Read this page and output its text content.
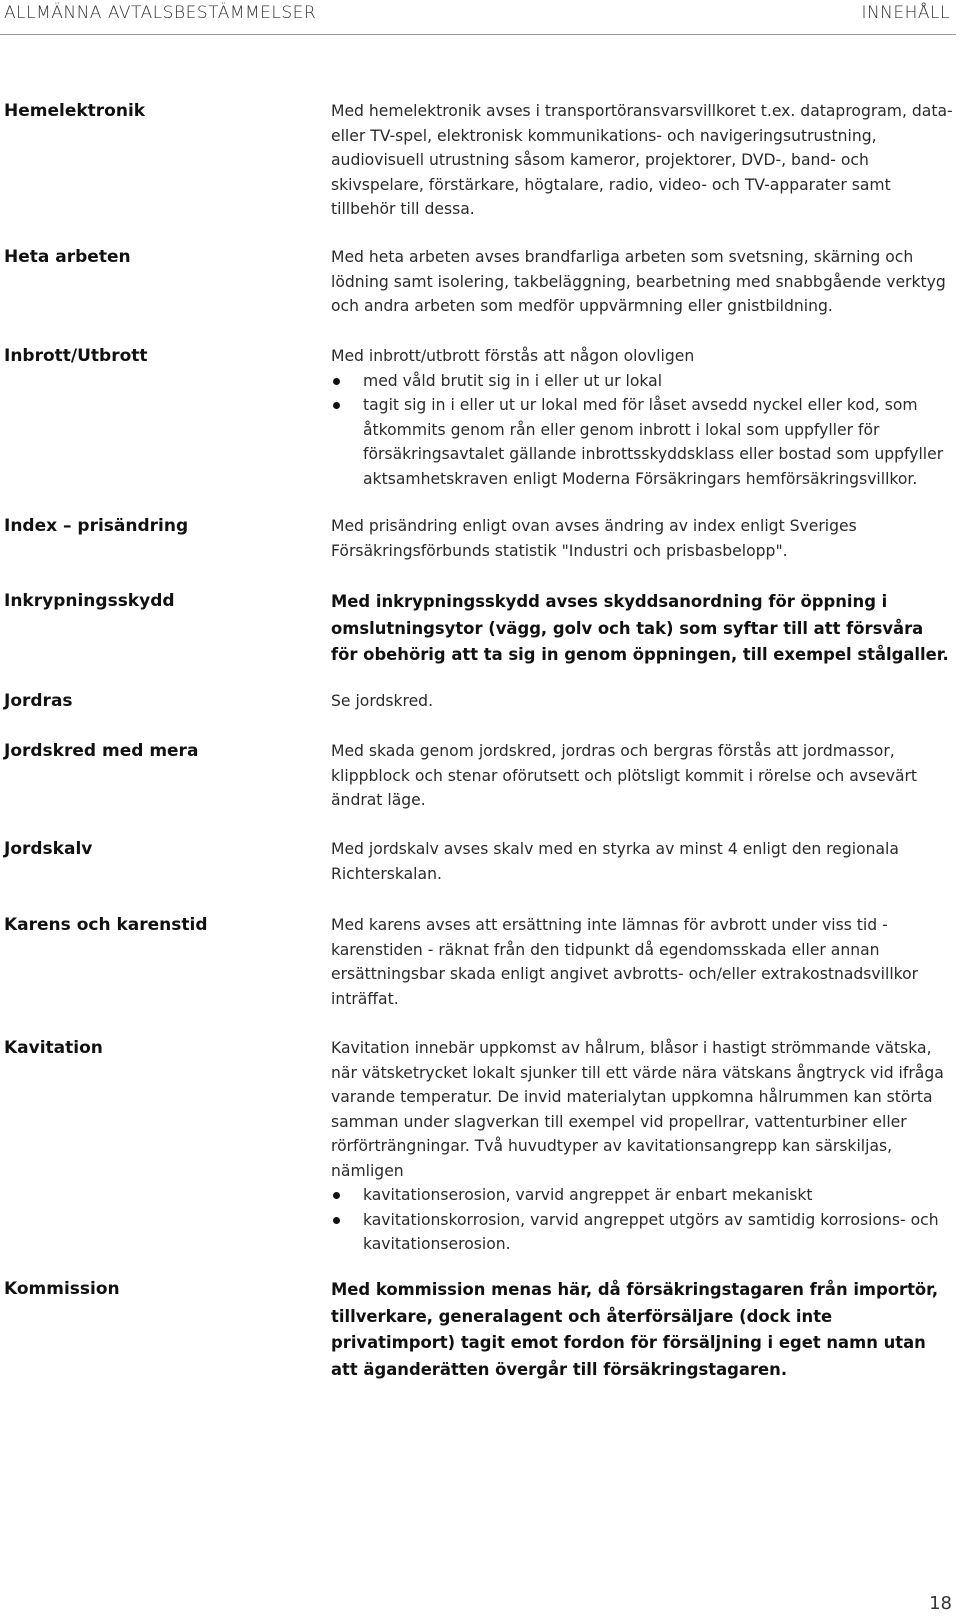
ALLMÄNNA AVTALSBESTÄMMELSER	INNEHÅLL
Hemelektronik	Med hemelektronik avses i transportöransvarsvillkoret t.ex. dataprogram, data- eller TV-spel, elektronisk kommunikations- och navigeringsutrustning, audiovisuell utrustning såsom kameror, projektorer, DVD-, band- och skivspelare, förstärkare, högtalare, radio, video- och TV-apparater samt tillbehör till dessa.

Heta arbeten	Med heta arbeten avses brandfarliga arbeten som svetsning, skärning och lödning samt isolering, takbeläggning, bearbetning med snabbgående verktyg och andra arbeten som medför uppvärmning eller gnistbildning.

Inbrott/Utbrott	Med inbrott/utbrott förstås att någon olovligen

med våld brutit sig in i eller ut ur lokal
tagit sig in i eller ut ur lokal med för låset avsedd nyckel eller kod, som åtkommits genom rån eller genom inbrott i lokal som uppfyller för försäkringsavtalet gällande inbrottsskyddsklass eller bostad som uppfyller aktsamhetskraven enligt Moderna Försäkringars hemförsäkringsvillkor.
Index – prisändring	Med prisändring enligt ovan avses ändring av index enligt Sveriges Försäkringsförbunds statistik "Industri och prisbasbelopp".

Inkrypningsskydd	Med inkrypningsskydd avses skyddsanordning för öppning i omslutningsytor (vägg, golv och tak) som syftar till att försvåra för obehörig att ta sig in genom öppningen, till exempel stålgaller.

Jordras	Se jordskred.

Jordskred med mera	Med skada genom jordskred, jordras och bergras förstås att jordmassor, klippblock och stenar oförutsett och plötsligt kommit i rörelse och avsevärt ändrat läge.

Jordskalv	Med jordskalv avses skalv med en styrka av minst 4 enligt den regionala Richterskalan.

Karens och karenstid	Med karens avses att ersättning inte lämnas för avbrott under viss tid - karenstiden - räknat från den tidpunkt då egendomsskada eller annan ersättningsbar skada enligt angivet avbrotts- och/eller extrakostnadsvillkor inträffat.

Kavitation	Kavitation innebär uppkomst av hålrum, blåsor i hastigt strömmande vätska, när vätsketrycket lokalt sjunker till ett värde nära vätskans ångtryck vid ifråga varande temperatur. De invid materialytan uppkomna hålrummen kan störta samman under slagverkan till exempel vid propellrar, vattenturbiner eller rörförträngningar. Två huvudtyper av kavitationsangrepp kan särskiljas, nämligen

kavitationserosion, varvid angreppet är enbart mekaniskt
kavitationskorrosion, varvid angreppet utgörs av samtidig korrosions- och kavitationserosion.
Kommission	Med kommission menas här, då försäkringstagaren från importör, tillverkare, generalagent och återförsäljare (dock inte privatimport) tagit emot fordon för försäljning i eget namn utan att äganderätten övergår till försäkringstagaren.

18
